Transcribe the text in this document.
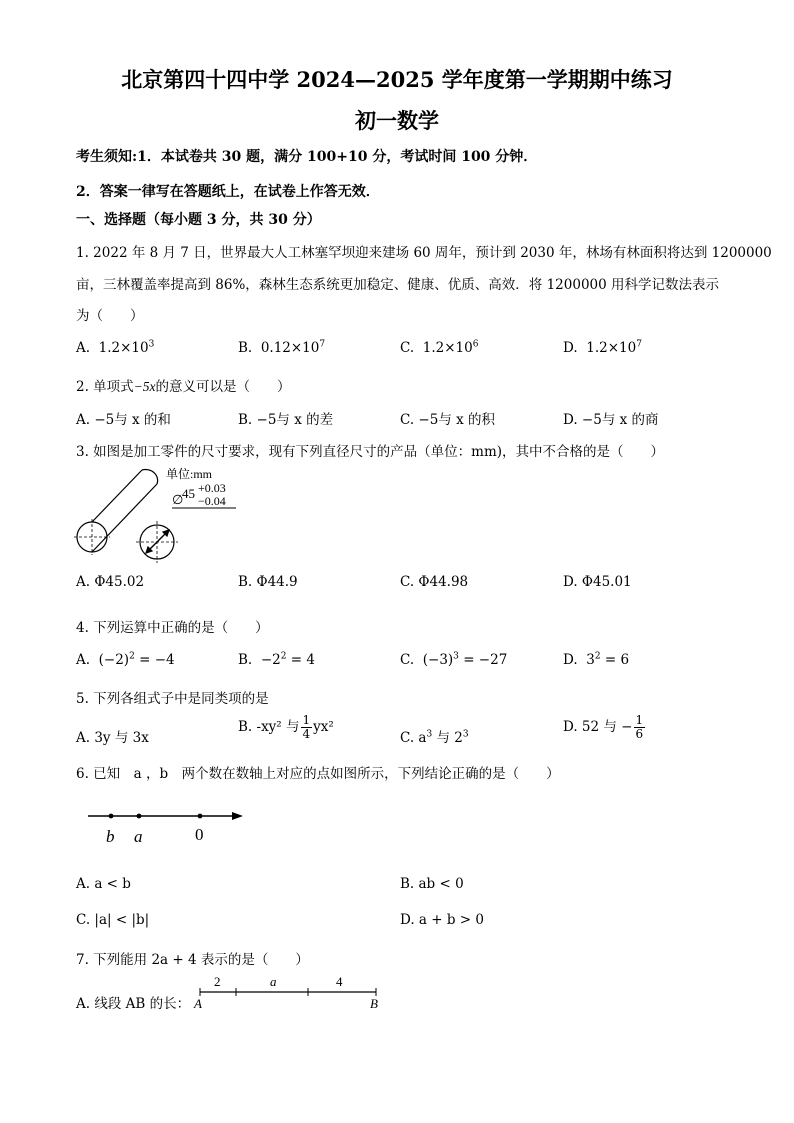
北京第四十四中学 2024—2025 学年度第一学期期中练习
初一数学
考生须知:1．本试卷共 30 题，满分 100+10 分，考试时间 100 分钟．
2．答案一律写在答题纸上，在试卷上作答无效．
一、选择题（每小题 3 分，共 30 分）
1. 2022 年 8 月 7 日，世界最大人工林塞罕坝迎来建场 60 周年，预计到 2030 年，林场有林面积将达到 1200000
亩，三林覆盖率提高到 86%，森林生态系统更加稳定、健康、优质、高效．将 1200000 用科学记数法表示
为（　　）
A. $1.2\times 10^3$	B. $0.12\times 10^7$	C. $1.2\times 10^6$	D. $1.2\times 10^7$
2. 单项式−5x的意义可以是（　　）
A. −5与 x 的和	B. −5与 x 的差	C. −5与 x 的积	D. −5与 x 的商
3. 如图是加工零件的尺寸要求，现有下列直径尺寸的产品（单位：mm)，其中不合格的是（　　）
单位:mm
∅
45 +0.03
−0.04
A. Φ45.02	B. Φ44.9	C. Φ44.98	D. Φ45.01
4. 下列运算中正确的是（　　）
A. $(-2)^2 = -4$	B. $-2^2 = 4$	C. $(-3)^3 = -27$	D. $3^2 = 6$
5. 下列各组式子中是同类项的是
A. 3y 与 3x
B. -xy² 与 $\frac{1}{4} yx^2$
C. $a^3$ 与 $2^3$	D. 52 与 − $\frac{1}{6}$
6. 已知　a ，b　两个数在数轴上对应的点如图所示，下列结论正确的是（　　）
b a	0
A. a < b	B. ab < 0
C. |a| < |b|	D. a + b > 0
7. 下列能用 2a + 4 表示的是（　　）
A. 线段 AB 的长：
2	a	4
A	B
